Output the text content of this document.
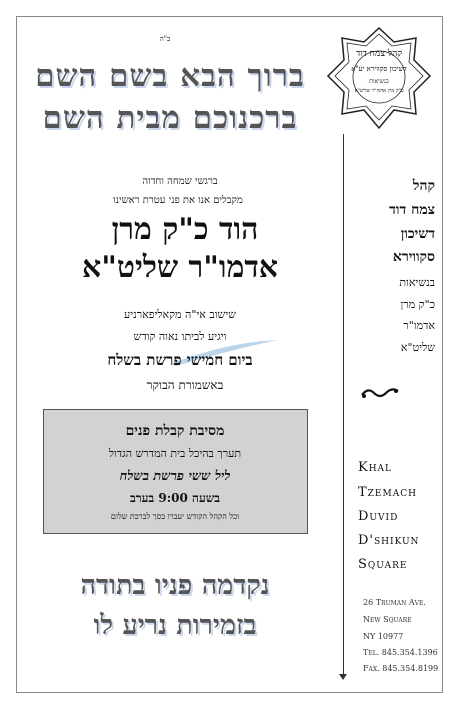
ב"ה
ברוך הבא בשם השם
ברכנוכם מבית השם
ברגשי שמחה וחדוה
מקבלים אנו את פני עטרת ראשינו
הוד כ"ק מרן
אדמו"ר שליט"א
שישוב אי"ה מקאליפארניע
ויגיע לביתו נאוה קודש
ביום חמישי פרשת בשלח
באשמורת הבוקר
מסיבת קבלת פנים
תערך בהיכל בית המדרש הגדול
ליל ששי פרשת בשלח
בשעה 9:00 בערב
וכל הקהל הקודש יעברו בסך לברכת שלום
נקדמה פניו בתודה
בזמירות נריע לו
קהל צמח דוד
דשיכון סקווירא יע"א
בנשיאות
כ"ק מרן אדמו"ר שליט"א
קהל
צמח דוד
דשיכון
סקווירא
בנשיאות
כ"ק מרן
אדמו"ר
שליט"א
Khal
Tzemach
Duvid
D'shikun
Square
26 Truman Ave.
New Square
NY 10977
Tel. 845.354.1396
Fax. 845.354.8199
